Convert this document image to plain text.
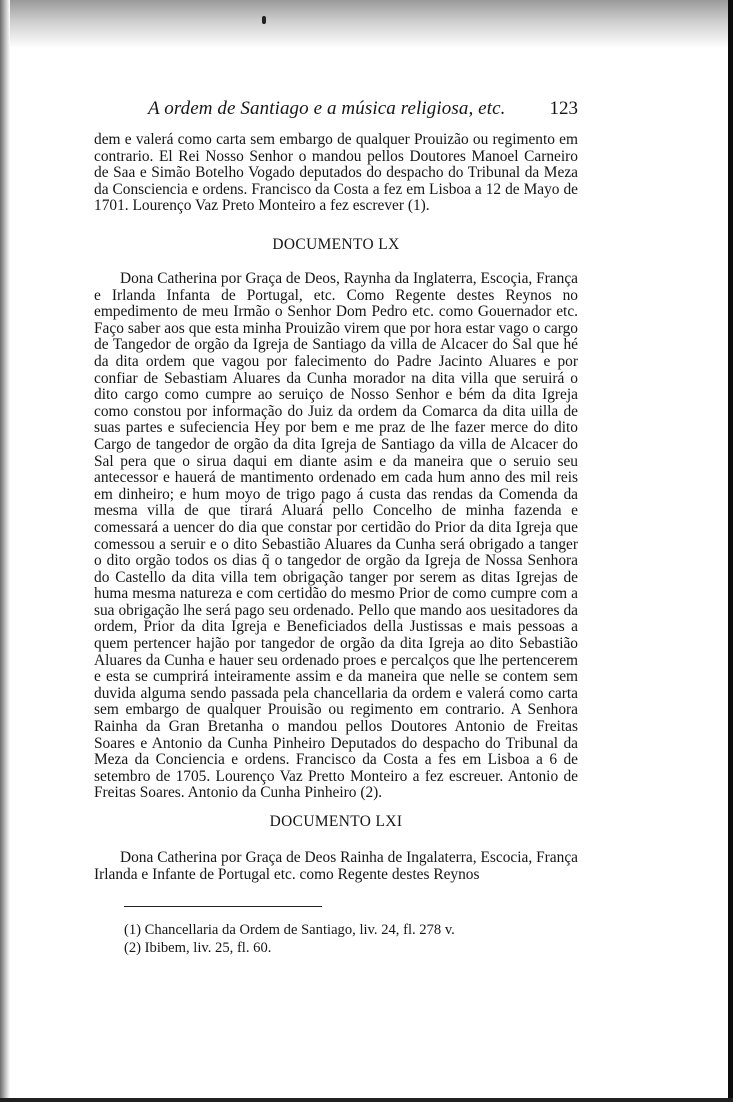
A ordem de Santiago e a música religiosa, etc. 123

dem e valerá como carta sem embargo de qualquer Prouizão ou regimento em contrario. El Rei Nosso Senhor o mandou pellos Doutores Manoel Carneiro de Saa e Simão Botelho Vogado deputados do despacho do Tribunal da Meza da Consciencia e ordens. Francisco da Costa a fez em Lisboa a 12 de Mayo de 1701. Lourenço Vaz Preto Monteiro a fez escrever (1).

DOCUMENTO LX

Dona Catherina por Graça de Deos, Raynha da Inglaterra, Escoçia, França e Irlanda Infanta de Portugal, etc. Como Regente destes Reynos no empedimento de meu Irmão o Senhor Dom Pedro etc. como Gouernador etc. Faço saber aos que esta minha Prouizão virem que por hora estar vago o cargo de Tangedor de orgão da Igreja de Santiago da villa de Alcacer do Sal que hé da dita ordem que vagou por falecimento do Padre Jacinto Aluares e por confiar de Sebastiam Aluares da Cunha morador na dita villa que seruirá o dito cargo como cumpre ao seruiço de Nosso Senhor e bém da dita Igreja como constou por informação do Juiz da ordem da Comarca da dita uilla de suas partes e sufeciencia Hey por bem e me praz de lhe fazer merce do dito Cargo de tangedor de orgão da dita Igreja de Santiago da villa de Alcacer do Sal pera que o sirua daqui em diante asim e da maneira que o seruio seu antecessor e hauerá de mantimento ordenado em cada hum anno des mil reis em dinheiro; e hum moyo de trigo pago á custa das rendas da Comenda da mesma villa de que tirará Aluará pello Concelho de minha fazenda e comessará a uencer do dia que constar por certidão do Prior da dita Igreja que comessou a seruir e o dito Sebastião Aluares da Cunha será obrigado a tanger o dito orgão todos os dias q̃ o tangedor de orgão da Igreja de Nossa Senhora do Castello da dita villa tem obrigação tanger por serem as ditas Igrejas de huma mesma natureza e com certidão do mesmo Prior de como cumpre com a sua obrigação lhe será pago seu ordenado. Pello que mando aos uesitadores da ordem, Prior da dita Igreja e Beneficiados della Justissas e mais pessoas a quem pertencer hajão por tangedor de orgão da dita Igreja ao dito Sebastião Aluares da Cunha e hauer seu ordenado proes e percalços que lhe pertencerem e esta se cumprirá inteiramente assim e da maneira que nelle se contem sem duvida alguma sendo passada pela chancellaria da ordem e valerá como carta sem embargo de qualquer Prouisão ou regimento em contrario. A Senhora Rainha da Gran Bretanha o mandou pellos Doutores Antonio de Freitas Soares e Antonio da Cunha Pinheiro Deputados do despacho do Tribunal da Meza da Conciencia e ordens. Francisco da Costa a fes em Lisboa a 6 de setembro de 1705. Lourenço Vaz Pretto Monteiro a fez escreuer. Antonio de Freitas Soares. Antonio da Cunha Pinheiro (2).

DOCUMENTO LXI

Dona Catherina por Graça de Deos Rainha de Ingalaterra, Escocia, França Irlanda e Infante de Portugal etc. como Regente destes Reynos

(1) Chancellaria da Ordem de Santiago, liv. 24, fl. 278 v.
(2) Ibibem, liv. 25, fl. 60.
